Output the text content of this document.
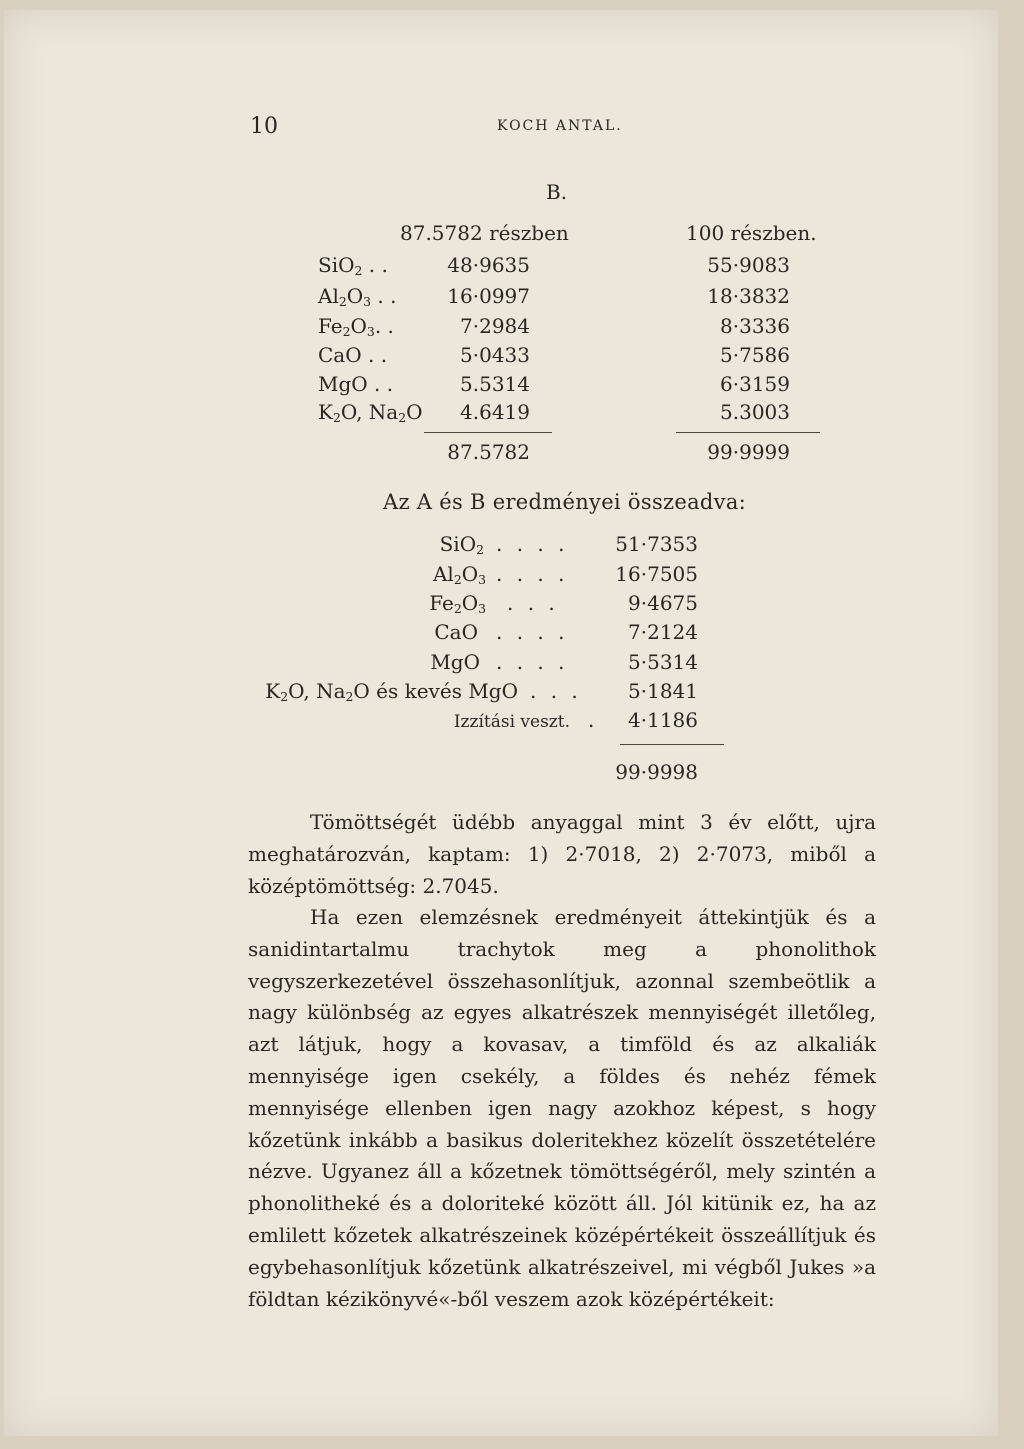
10	KOCH ANTAL.
B.
87.5782 részben	100 részben.
SiO$_2$ . .	48·9635	55·9083
$Al_2O_3$ . .	16·0997	18·3832
$Fe_2O_3$. .	7·2984	8·3336
CaO . .	5·0433	5·7586
MgO . .	5.5314	6·3159
$K_2O$, $Na_2O$	4.6419	5.3003
87.5782	99·9999
Az A és B eredményei összeadva:
SiO$_2$ . . . .	51·7353
$Al_2O_3$ . . . .	16·7505
$Fe_2O_3$ . . .	9·4675
CaO . . . .	7·2124
MgO . . . .	5·5314
$K_2O$, $Na_2O$ és kevés MgO . . .	5·1841
Izzítási veszt. .	4·1186
99·9998
Tömöttségét üdébb anyaggal mint 3 év előtt, ujra meghatározván, kaptam: 1) 2·7018, 2) 2·7073, miből a középtömöttség: 2.7045.
Ha ezen elemzésnek eredményeit áttekintjük és a sanidintartalmu trachytok meg a phonolithok vegyszerkezetével összehasonlítjuk, azonnal szembeötlik a nagy különbség az egyes alkatrészek mennyiségét illetőleg, azt látjuk, hogy a kovasav, a timföld és az alkaliák mennyisége igen csekély, a földes és nehéz fémek mennyisége ellenben igen nagy azokhoz képest, s hogy kőzetünk inkább a basikus doleritekhez közelít összetételére nézve. Ugyanez áll a kőzetnek tömöttségéről, mely szintén a phonolitheké és a doloriteké között áll. Jól kitünik ez, ha az emlilett kőzetek alkatrészeinek középértékeit összeállítjuk és egybehasonlítjuk kőzetünk alkatrészeivel, mi végből Jukes »a földtan kézikönyvé«-ből veszem azok középértékeit:
